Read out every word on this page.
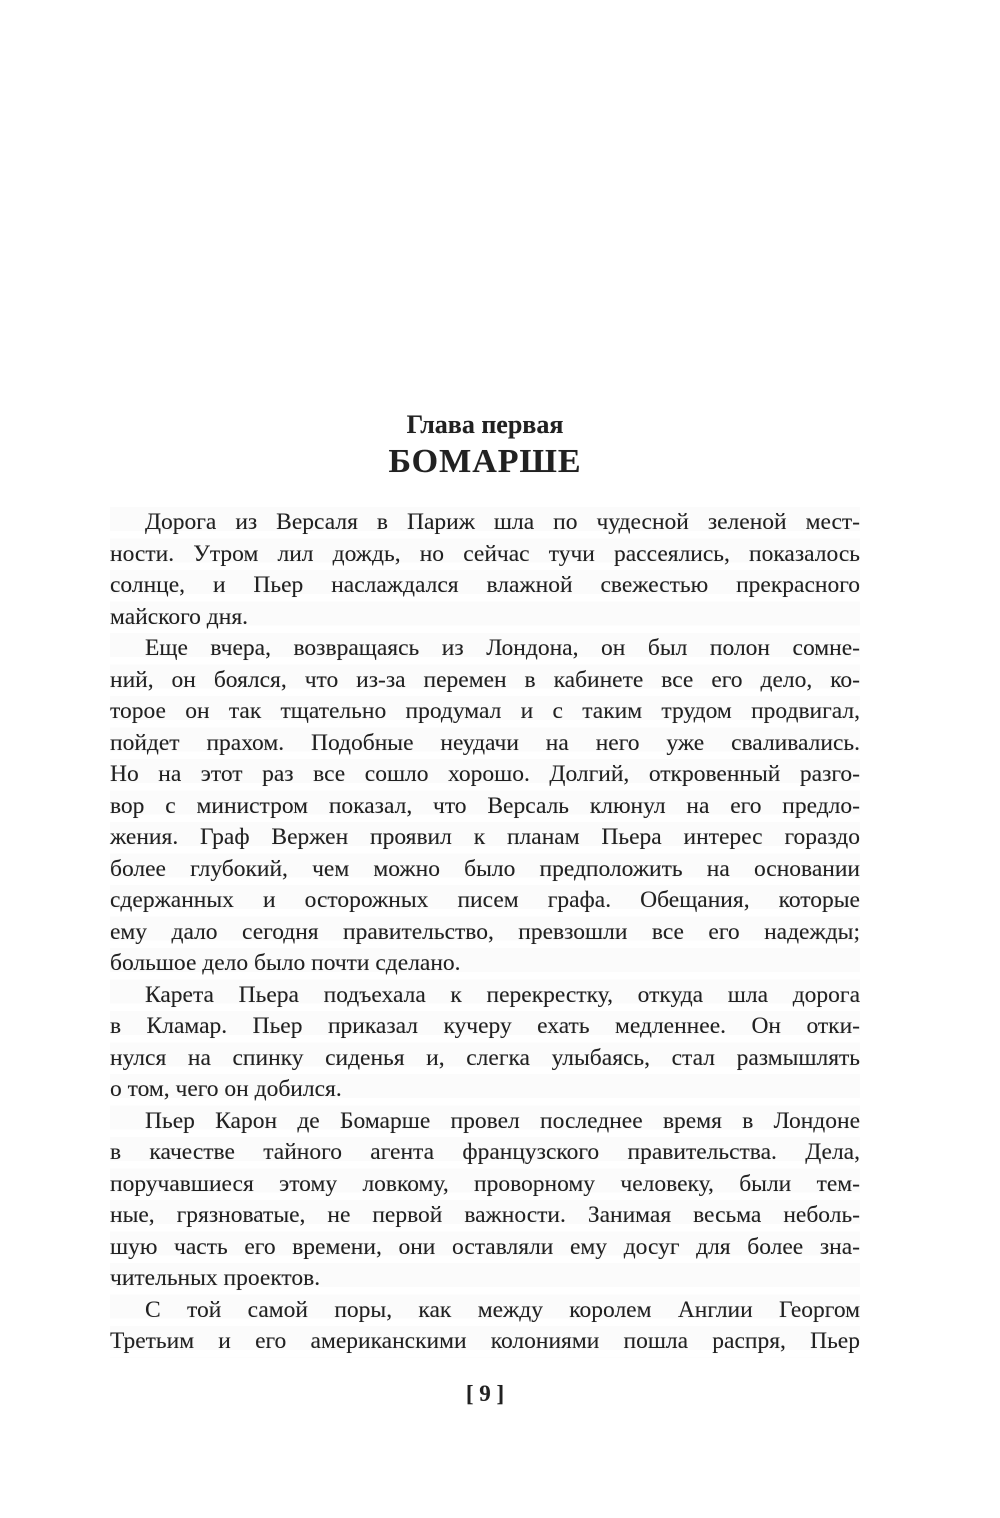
Глава первая
БОМАРШЕ
Дорога из Версаля в Париж шла по чудесной зеленой мест-
ности. Утром лил дождь, но сейчас тучи рассеялись, показалось
солнце, и Пьер наслаждался влажной свежестью прекрасного
майского дня.
Еще вчера, возвращаясь из Лондона, он был полон сомне-
ний, он боялся, что из-за перемен в кабинете все его дело, ко-
торое он так тщательно продумал и с таким трудом продвигал,
пойдет прахом. Подобные неудачи на него уже сваливались.
Но на этот раз все сошло хорошо. Долгий, откровенный разго-
вор с министром показал, что Версаль клюнул на его предло-
жения. Граф Вержен проявил к планам Пьера интерес гораздо
более глубокий, чем можно было предположить на основании
сдержанных и осторожных писем графа. Обещания, которые
ему дало сегодня правительство, превзошли все его надежды;
большое дело было почти сделано.
Карета Пьера подъехала к перекрестку, откуда шла дорога
в Кламар. Пьер приказал кучеру ехать медленнее. Он отки-
нулся на спинку сиденья и, слегка улыбаясь, стал размышлять
о том, чего он добился.
Пьер Карон де Бомарше провел последнее время в Лондоне
в качестве тайного агента французского правительства. Дела,
поручавшиеся этому ловкому, проворному человеку, были тем-
ные, грязноватые, не первой важности. Занимая весьма неболь-
шую часть его времени, они оставляли ему досуг для более зна-
чительных проектов.
С той самой поры, как между королем Англии Георгом
Третьим и его американскими колониями пошла распря, Пьер
[ 9 ]
